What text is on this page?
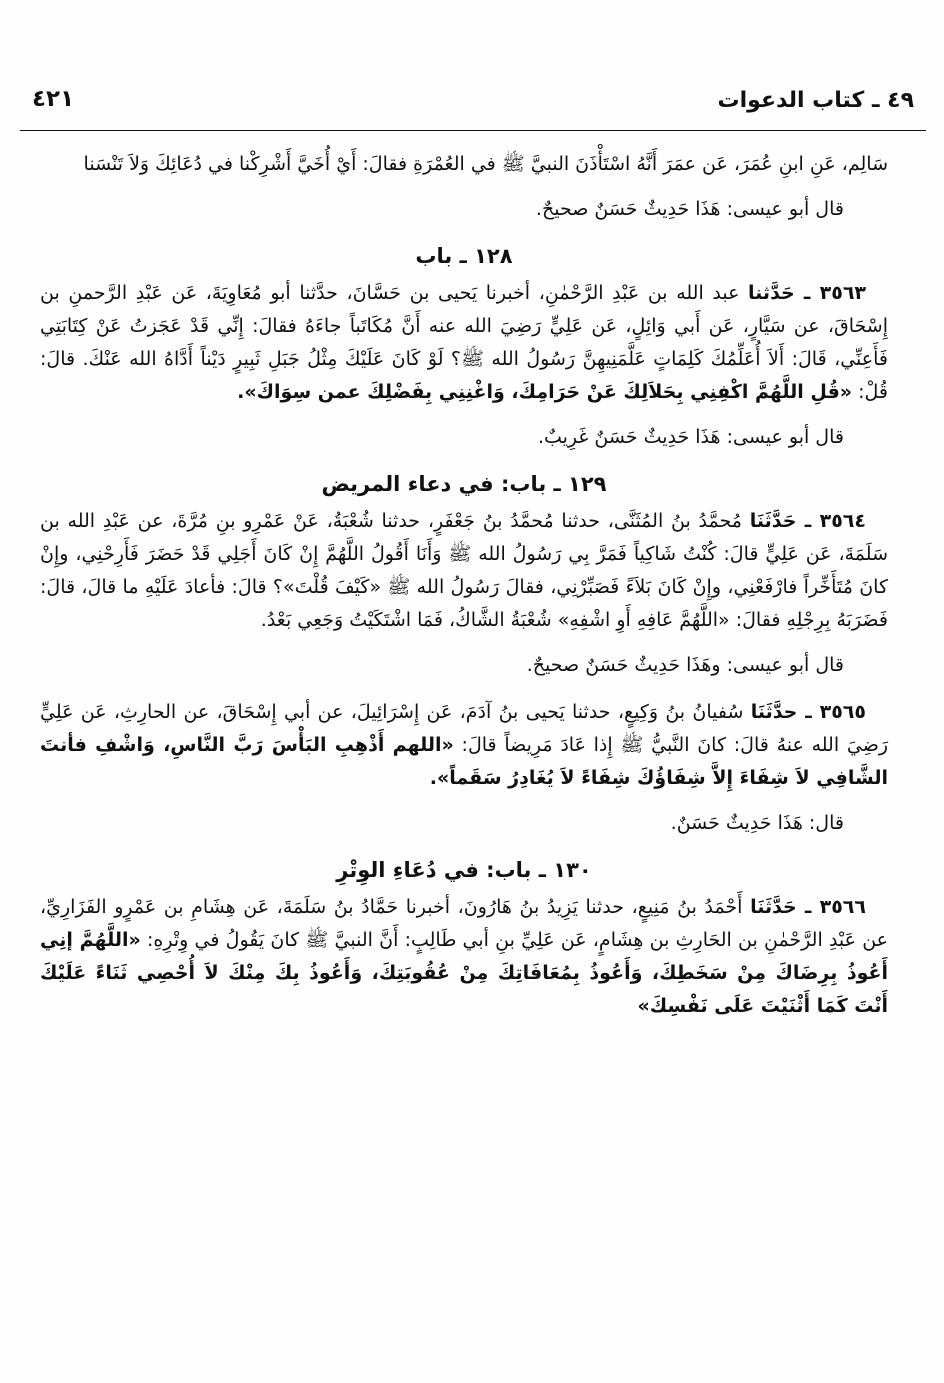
٤٩ ـ كتاب الدعوات
٤٢١

سَالِم، عَنِ ابنِ عُمَرَ، عَن عمَرَ أَنَّهُ اسْتَأْذَنَ النبيَّ ﷺ في العُمْرَةِ فقالَ: أَيْ أُخَيَّ أَشْرِكْنا في دُعَائِكَ وَلاَ تَنْسَنا

قال أبو عيسى: هَذَا حَدِيثٌ حَسَنٌ صحيحٌ.

١٢٨ ـ باب

٣٥٦٣ ـ حَدَّثنا عبد الله بن عَبْدِ الرَّحْمٰنِ، أخبرنا يَحيى بن حَسَّانَ، حدَّثنا أبو مُعَاوِيَةَ، عَن عَبْدِ الرَّحمنِ بن إِسْحَاقَ، عن سَيَّارٍ، عَن أَبي وَائِلٍ، عَن عَلِيٍّ رَضِيَ الله عنه أَنَّ مُكَاتَباً جاءَهُ فقالَ: إِنِّي قَدْ عَجَزتُ عَنْ كِتَابَتِي فَأَعِنِّي، قَالَ: أَلاَ أُعَلِّمُكَ كَلِمَاتٍ عَلَّمَنِيهِنَّ رَسُولُ الله ﷺ؟ لَوْ كَانَ عَلَيْكَ مِثْلُ جَبَلِ ثَبِيرٍ دَيْناً أَدَّاهُ الله عَنْكَ. قالَ: قُلْ: «قُلِ اللَّهُمَّ اكْفِنِي بِحَلاَلِكَ عَنْ حَرَامِكَ، وَاغْنِنِي بِفَضْلِكَ عمن سِوَاكَ».

قال أبو عيسى: هَذَا حَدِيثٌ حَسَنٌ غَرِيبٌ.

١٢٩ ـ باب: في دعاء المريض

٣٥٦٤ ـ حَدَّثَنَا مُحمَّدُ بنُ المُثَنَّى، حدثنا مُحمَّدُ بنُ جَعْفَرٍ، حدثنا شُعْبَةُ، عَنْ عَمْرِو بنِ مُرَّةَ، عن عَبْدِ الله بن سَلَمَةَ، عَن عَلِيٍّ قالَ: كُنْتُ شَاكِياً فَمَرَّ بِي رَسُولُ الله ﷺ وَأَنَا أَقُولُ اللَّهُمَّ إِنْ كَانَ أَجَلِي قَدْ حَضَرَ فَأَرِحْنِي، وإِنْ كانَ مُتَأَخِّراً فارْفَعْنِي، وإِنْ كَانَ بَلاَءً فَصَبِّرْنِي، فقالَ رَسُولُ الله ﷺ «كَيْفَ قُلْتَ»؟ قالَ: فأعادَ عَلَيْهِ ما قالَ، قالَ: فَضَرَبَهُ بِرِجْلِهِ فقالَ: «اللَّهُمَّ عَافِهِ أَوِ اشْفِهِ» شُعْبَةُ الشَّاكُ، فَمَا اشْتَكَيْتُ وَجَعِي بَعْدُ.

قال أبو عيسى: وهَذَا حَدِيثٌ حَسَنٌ صحيحٌ.

٣٥٦٥ ـ حدَّثَنَا سُفيانُ بنُ وَكِيعٍ، حدثنا يَحيى بنُ آدَمَ، عَن إِسْرَائِيلَ، عن أبي إِسْحَاقَ، عن الحارِثِ، عَن عَلِيٍّ رَضِيَ الله عنهُ قالَ: كانَ النَّبيُّ ﷺ إِذا عَادَ مَرِيضاً قالَ: «اللهم أَذْهِبِ البَأْسَ رَبَّ النَّاسِ، وَاشْفِ فأنتَ الشَّافِي لاَ شِفَاءَ إِلاَّ شِفَاؤُكَ شِفَاءً لاَ يُغَادِرُ سَقَماً».

قال: هَذَا حَدِيثٌ حَسَنٌ.

١٣٠ ـ باب: في دُعَاءِ الوِتْرِ

٣٥٦٦ ـ حَدَّثَنَا أَحْمَدُ بنُ مَنِيعٍ، حدثنا يَزِيدُ بنُ هَارُونَ، أخبرنا حَمَّادُ بنُ سَلَمَةَ، عَن هِشَامِ بن عَمْرٍو الفَزَارِيِّ، عن عَبْدِ الرَّحْمٰنِ بن الحَارِثِ بن هِشَامٍ، عَن عَلِيِّ بنِ أبي طَالِبٍ: أَنَّ النبيَّ ﷺ كانَ يَقُولُ في وِتْرِهِ: «اللَّهُمَّ إنِي أَعُوذُ بِرِضَاكَ مِنْ سَخَطِكَ، وَأَعُوذُ بِمُعَافَاتِكَ مِنْ عُقُوبَتِكَ، وَأَعُوذُ بِكَ مِنْكَ لاَ أُحْصِي ثَنَاءً عَلَيْكَ أَنْتَ كَمَا أَثْنَيْتَ عَلَى نَفْسِكَ»
